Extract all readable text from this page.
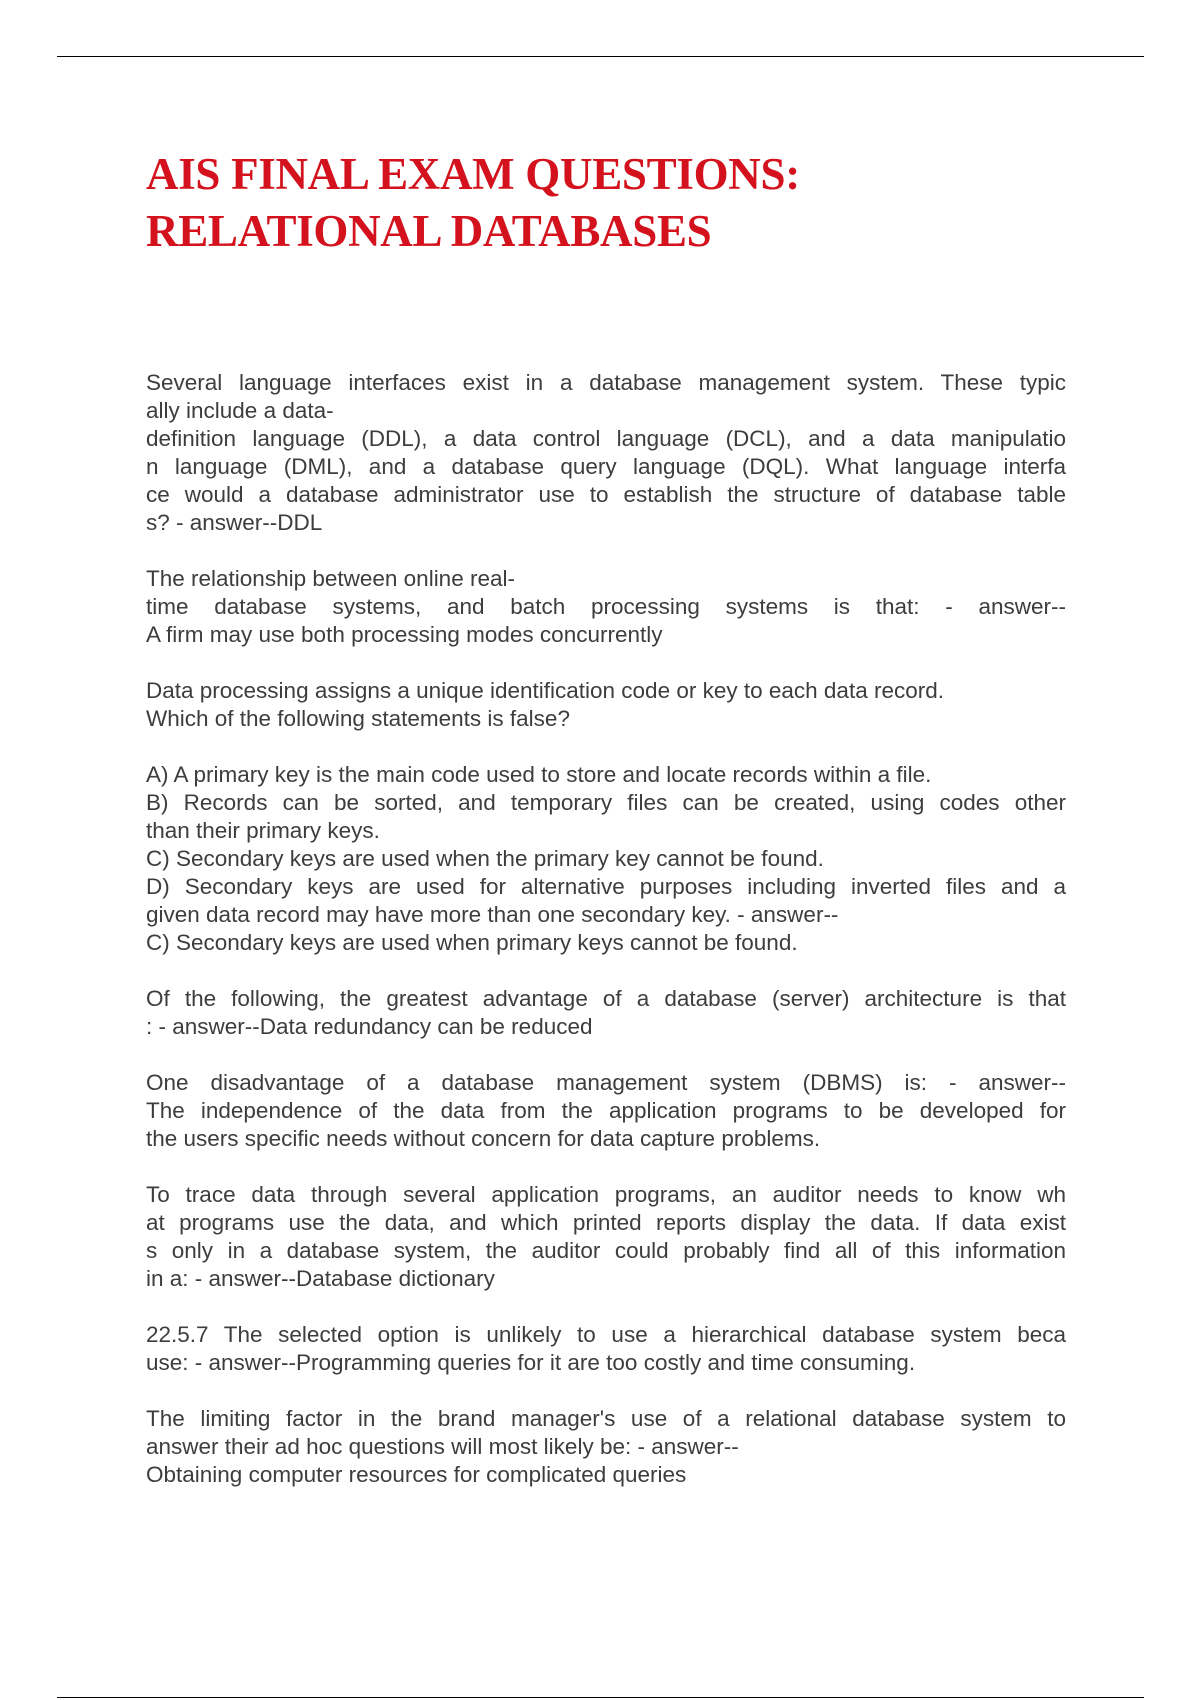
AIS FINAL EXAM QUESTIONS:
RELATIONAL DATABASES
Several language interfaces exist in a database management system. These typic
ally include a data-
definition language (DDL), a data control language (DCL), and a data manipulatio
n language (DML), and a database query language (DQL). What language interfa
ce would a database administrator use to establish the structure of database table
s? - answer--DDL
The relationship between online real-
time database systems, and batch processing systems is that: - answer--
A firm may use both processing modes concurrently
Data processing assigns a unique identification code or key to each data record.
Which of the following statements is false?
A) A primary key is the main code used to store and locate records within a file.
B) Records can be sorted, and temporary files can be created, using codes other
than their primary keys.
C) Secondary keys are used when the primary key cannot be found.
D) Secondary keys are used for alternative purposes including inverted files and a
given data record may have more than one secondary key. - answer--
C) Secondary keys are used when primary keys cannot be found.
Of the following, the greatest advantage of a database (server) architecture is that
: - answer--Data redundancy can be reduced
One disadvantage of a database management system (DBMS) is: - answer--
The independence of the data from the application programs to be developed for
the users specific needs without concern for data capture problems.
To trace data through several application programs, an auditor needs to know wh
at programs use the data, and which printed reports display the data. If data exist
s only in a database system, the auditor could probably find all of this information
in a: - answer--Database dictionary
22.5.7 The selected option is unlikely to use a hierarchical database system beca
use: - answer--Programming queries for it are too costly and time consuming.
The limiting factor in the brand manager's use of a relational database system to
answer their ad hoc questions will most likely be: - answer--
Obtaining computer resources for complicated queries
